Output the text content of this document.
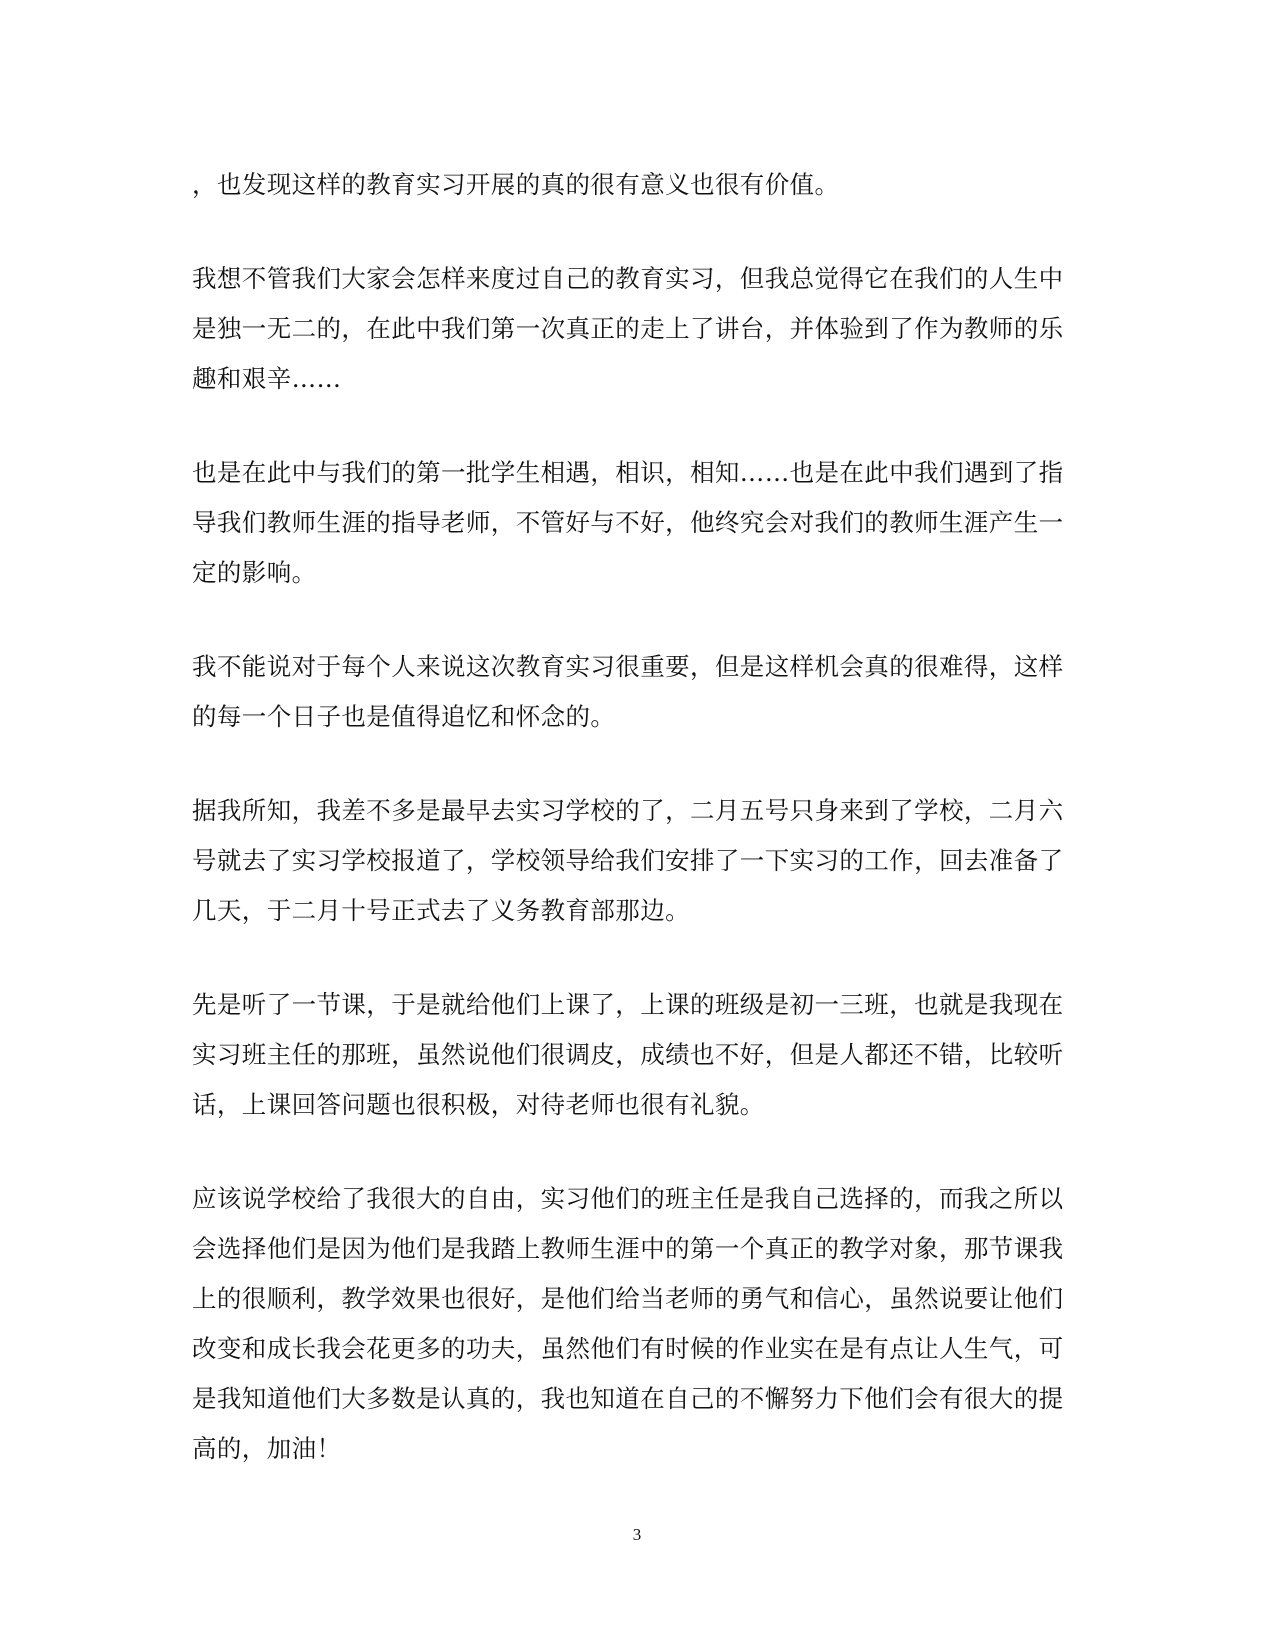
，也发现这样的教育实习开展的真的很有意义也很有价值。

我想不管我们大家会怎样来度过自己的教育实习，但我总觉得它在我们的人生中
是独一无二的，在此中我们第一次真正的走上了讲台，并体验到了作为教师的乐
趣和艰辛……

也是在此中与我们的第一批学生相遇，相识，相知……也是在此中我们遇到了指
导我们教师生涯的指导老师，不管好与不好，他终究会对我们的教师生涯产生一
定的影响。

我不能说对于每个人来说这次教育实习很重要，但是这样机会真的很难得，这样
的每一个日子也是值得追忆和怀念的。

据我所知，我差不多是最早去实习学校的了，二月五号只身来到了学校，二月六
号就去了实习学校报道了，学校领导给我们安排了一下实习的工作，回去准备了
几天，于二月十号正式去了义务教育部那边。

先是听了一节课，于是就给他们上课了，上课的班级是初一三班，也就是我现在
实习班主任的那班，虽然说他们很调皮，成绩也不好，但是人都还不错，比较听
话，上课回答问题也很积极，对待老师也很有礼貌。

应该说学校给了我很大的自由，实习他们的班主任是我自己选择的，而我之所以
会选择他们是因为他们是我踏上教师生涯中的第一个真正的教学对象，那节课我
上的很顺利，教学效果也很好，是他们给当老师的勇气和信心，虽然说要让他们
改变和成长我会花更多的功夫，虽然他们有时候的作业实在是有点让人生气，可
是我知道他们大多数是认真的，我也知道在自己的不懈努力下他们会有很大的提
高的，加油！

3
